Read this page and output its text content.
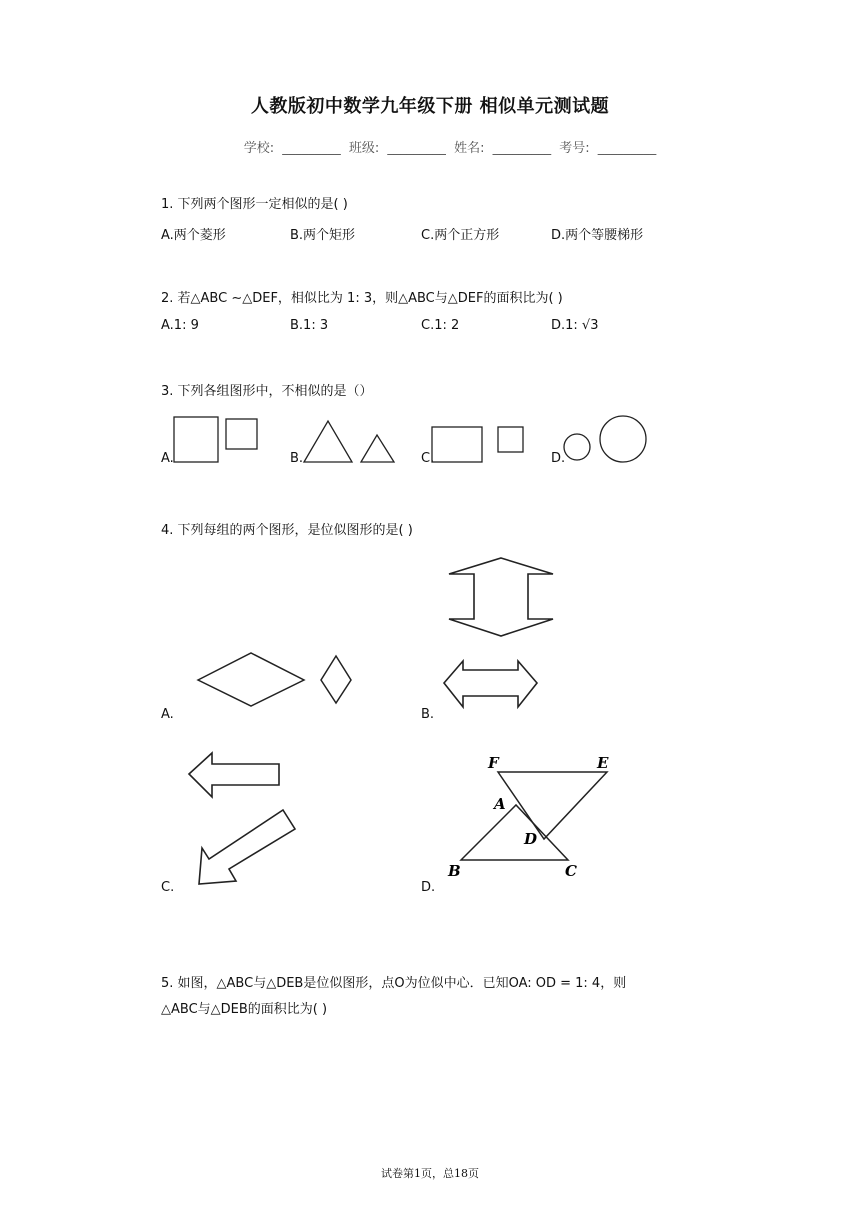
人教版初中数学九年级下册 相似单元测试题
学校: _________ 班级: _________ 姓名: _________ 考号: _________
1. 下列两个图形一定相似的是( )
A.两个菱形	B.两个矩形	C.两个正方形	D.两个等腰梯形
2. 若△ABC ∼△DEF，相似比为 1: 3，则△ABC与△DEF的面积比为( )
A.1: 9	B.1: 3	C.1: 2	D.1: √3
3. 下列各组图形中，不相似的是（）
A.	B.	C.	D.
4. 下列每组的两个图形，是位似图形的是( )
A.	B.
C.
F	E
A
D
B	C
D.
5. 如图，△ABC与△DEB是位似图形，点O为位似中心．已知OA: OD = 1: 4，则
△ABC与△DEB的面积比为( )
试卷第1页，总18页
